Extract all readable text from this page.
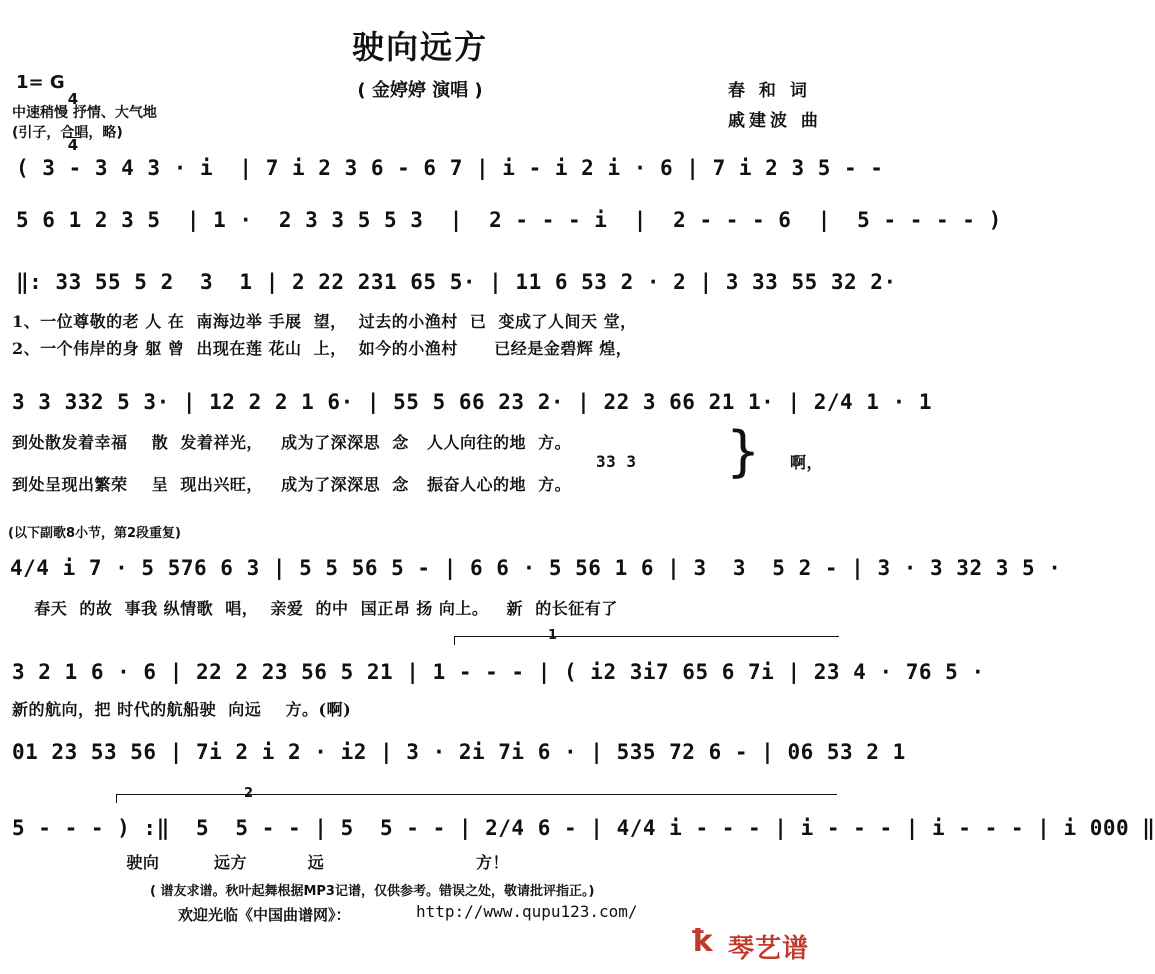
驶向远方
( 金婷婷 演唱 )
1= G

4

4

中速稍慢 抒情、大气地
(引子，合唱，略)
春 和 词
戚建波 曲
( 3 - 3 4 3 · i  | 7 i 2 3 6 - 6 7 | i - i 2 i · 6 | 7 i 2 3 5 - -
5 6 1 2 3 5  | 1 ·  2 3 3 5 5 3  |  2 - - - i  |  2 - - - 6  |  5 - - - - )
‖: 33 55 5 2  3  1 | 2 22 231 65 5· | 11 6 53 2 · 2 | 3 33 55 32 2·
1、一位尊敬的老 人 在  南海边举 手展  望，  过去的小渔村  已  变成了人间天 堂，
2、一个伟岸的身 躯 曾  出现在莲 花山  上，  如今的小渔村      已经是金碧辉 煌，
3 3 332 5 3· | 12 2 2 1 6· | 55 5 66 23 2· | 22 3 66 21 1· | 2/4 1 · 1
到处散发着幸福    散  发着祥光，   成为了深深思  念   人人向往的地  方。
33 3
到处呈现出繁荣    呈  现出兴旺，   成为了深深思  念   振奋人心的地  方。
} 啊，
(以下副歌8小节，第2段重复)
4/4 i 7 · 5 576 6 3 | 5 5 56 5 - | 6 6 · 5 56 1 6 | 3  3  5 2 - | 3 · 3 32 3 5 ·
春天  的故  事我 纵情歌  唱，  亲爱  的中  国正昂 扬 向上。   新  的长征有了
1
3 2 1 6 · 6 | 22 2 23 56 5 21 | 1 - - - | ( i2 3i7 65 6 7i | 23 4 · 76 5 ·
新的航向，把 时代的航船驶  向远    方。(啊)
01 23 53 56 | 7i 2 i 2 · i2 | 3 · 2i 7i 6 · | 535 72 6 - | 06 53 2 1
2
5 - - - ) :‖  5  5 - - | 5  5 - - | 2/4 6 - | 4/4 i - - - | i - - - | i - - - | i 000 ‖
驶向         远方          远                         方！
( 谱友求谱。秋叶起舞根据MP3记谱，仅供参考。错误之处，敬请批评指正。)
欢迎光临《中国曲谱网》：	http://www.qupu123.com/
ꝁ 琴艺谱
